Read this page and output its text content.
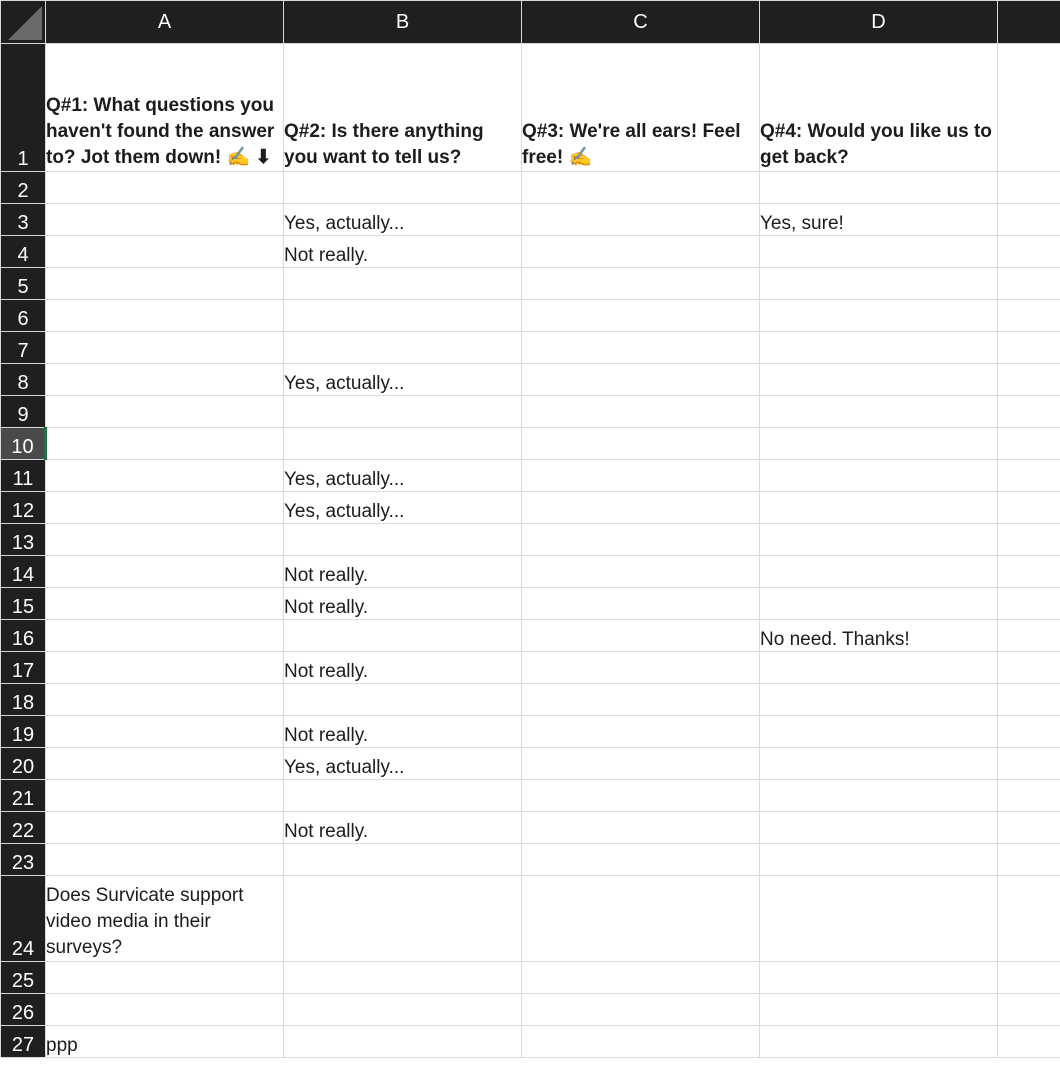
	A	B	C	D	
1	Q#1: What questions you haven't found the answer to? Jot them down! ✍️ ⬇	Q#2: Is there anything you want to tell us?	Q#3: We're all ears! Feel free! ✍️	Q#4: Would you like us to get back?	
2					
3		Yes, actually...		Yes, sure!	
4		Not really.			
5					
6					
7					
8		Yes, actually...			
9					
10					
11		Yes, actually...			
12		Yes, actually...			
13					
14		Not really.			
15		Not really.			
16				No need. Thanks!	
17		Not really.			
18					
19		Not really.			
20		Yes, actually...			
21					
22		Not really.			
23					
24	Does Survicate support video media in their surveys?				
25					
26					
27	ppp				
